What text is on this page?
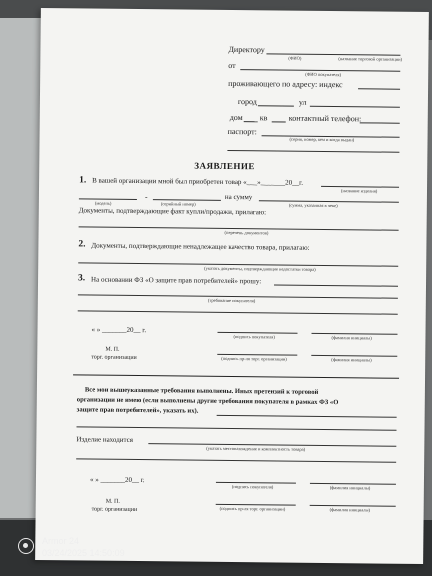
Директору
(ФИО)	(название торговой организации)
от
(ФИО покупателя)
проживающего по адресу: индекс
город	ул
дом кв	контактный телефон:
паспорт:
(серия, номер, кем и когда выдан)
ЗАЯВЛЕНИЕ
1. В вашей организации мной был приобретен товар «___»_______20__г.
(название изделия)
-	на сумму
(модель)	(серийный номер)	(сумма, указанная в чеке)
Документы, подтверждающие факт купли/продажи, прилагаю:
(перечень документов)
2. Документы, подтверждающие ненадлежащее качество товара, прилагаю:
(указать документы, подтверждающие недостатки товара)
3. На основании ФЗ «О защите прав потребителей» прошу:
(требование покупателя)
« » _______20__ г.
(подпись покупателя)	(фамилия инициалы)
М. П.
торг. организации	(подпись пр-ля торг. организации)	(фамилия инициалы)
Все мои вышеуказанные требования выполнены. Иных претензий к торговой
организации не имею (если выполнены другие требования покупателя в рамках ФЗ «О
защите прав потребителей», указать их).
Изделие находится
(указать местонахождение и комплектность товара)
« » _______20__ г.
(подпись покупателя)	(фамилия инициалы)
М. П.
торг. организации	(подпись пр-ля торг. организации)	(фамилия инициалы)
Armor 24
03/24/2025 14:50:09
